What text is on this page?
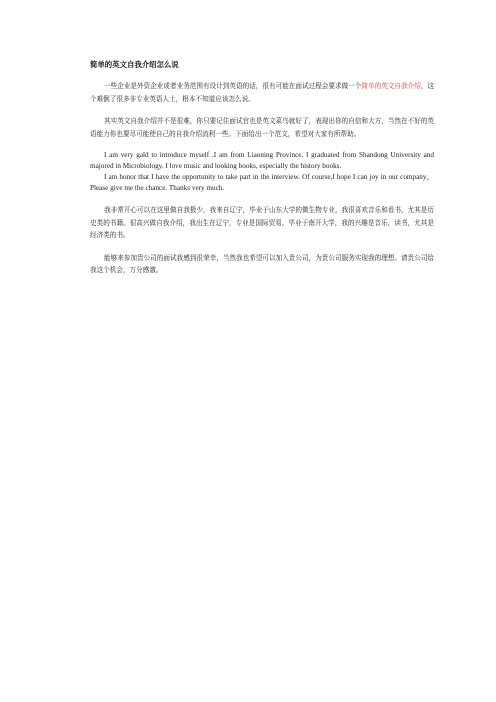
简单的英文自我介绍怎么说

一些企业是外资企业或者业务范围有设计到英语的话，很有可能在面试过程会要求做一个简单的英文自我介绍，这个难倒了很多非专业英语人士，根本不知道应该怎么说。

其实英文自我介绍并不是很难，你只要记住面试官也是英文菜鸟就好了，表现出你的自信和大方，当然在不好的英语能力你也要尽可能使自己的自我介绍流利一些。下面给出一个范文，希望对大家有所帮助。

I am very gald to introduce myself .I am from Liaoning Province. I graduated from Shandong University and majored in Microbiology. I love music and looking books, especially the history books.

I am honor that I have the opportunity to take part in the interview. Of course,I hope I can joy in our company，Please give me the chance. Thanks very much.

我非常开心可以在这里做自我极少，我来自辽宁，毕业于山东大学的微生物专业，我很喜欢音乐和看书，尤其是历史类的书籍。很高兴做自我介绍，我出生在辽宁，专业是国际贸易，毕业于南开大学，我的兴趣是音乐，读书，尤其是经济类的书。

能够来参加贵公司的面试我感到很荣幸，当然我也希望可以加入贵公司，为贵公司服务实现我的理想。请贵公司给我这个机会，万分感激。
